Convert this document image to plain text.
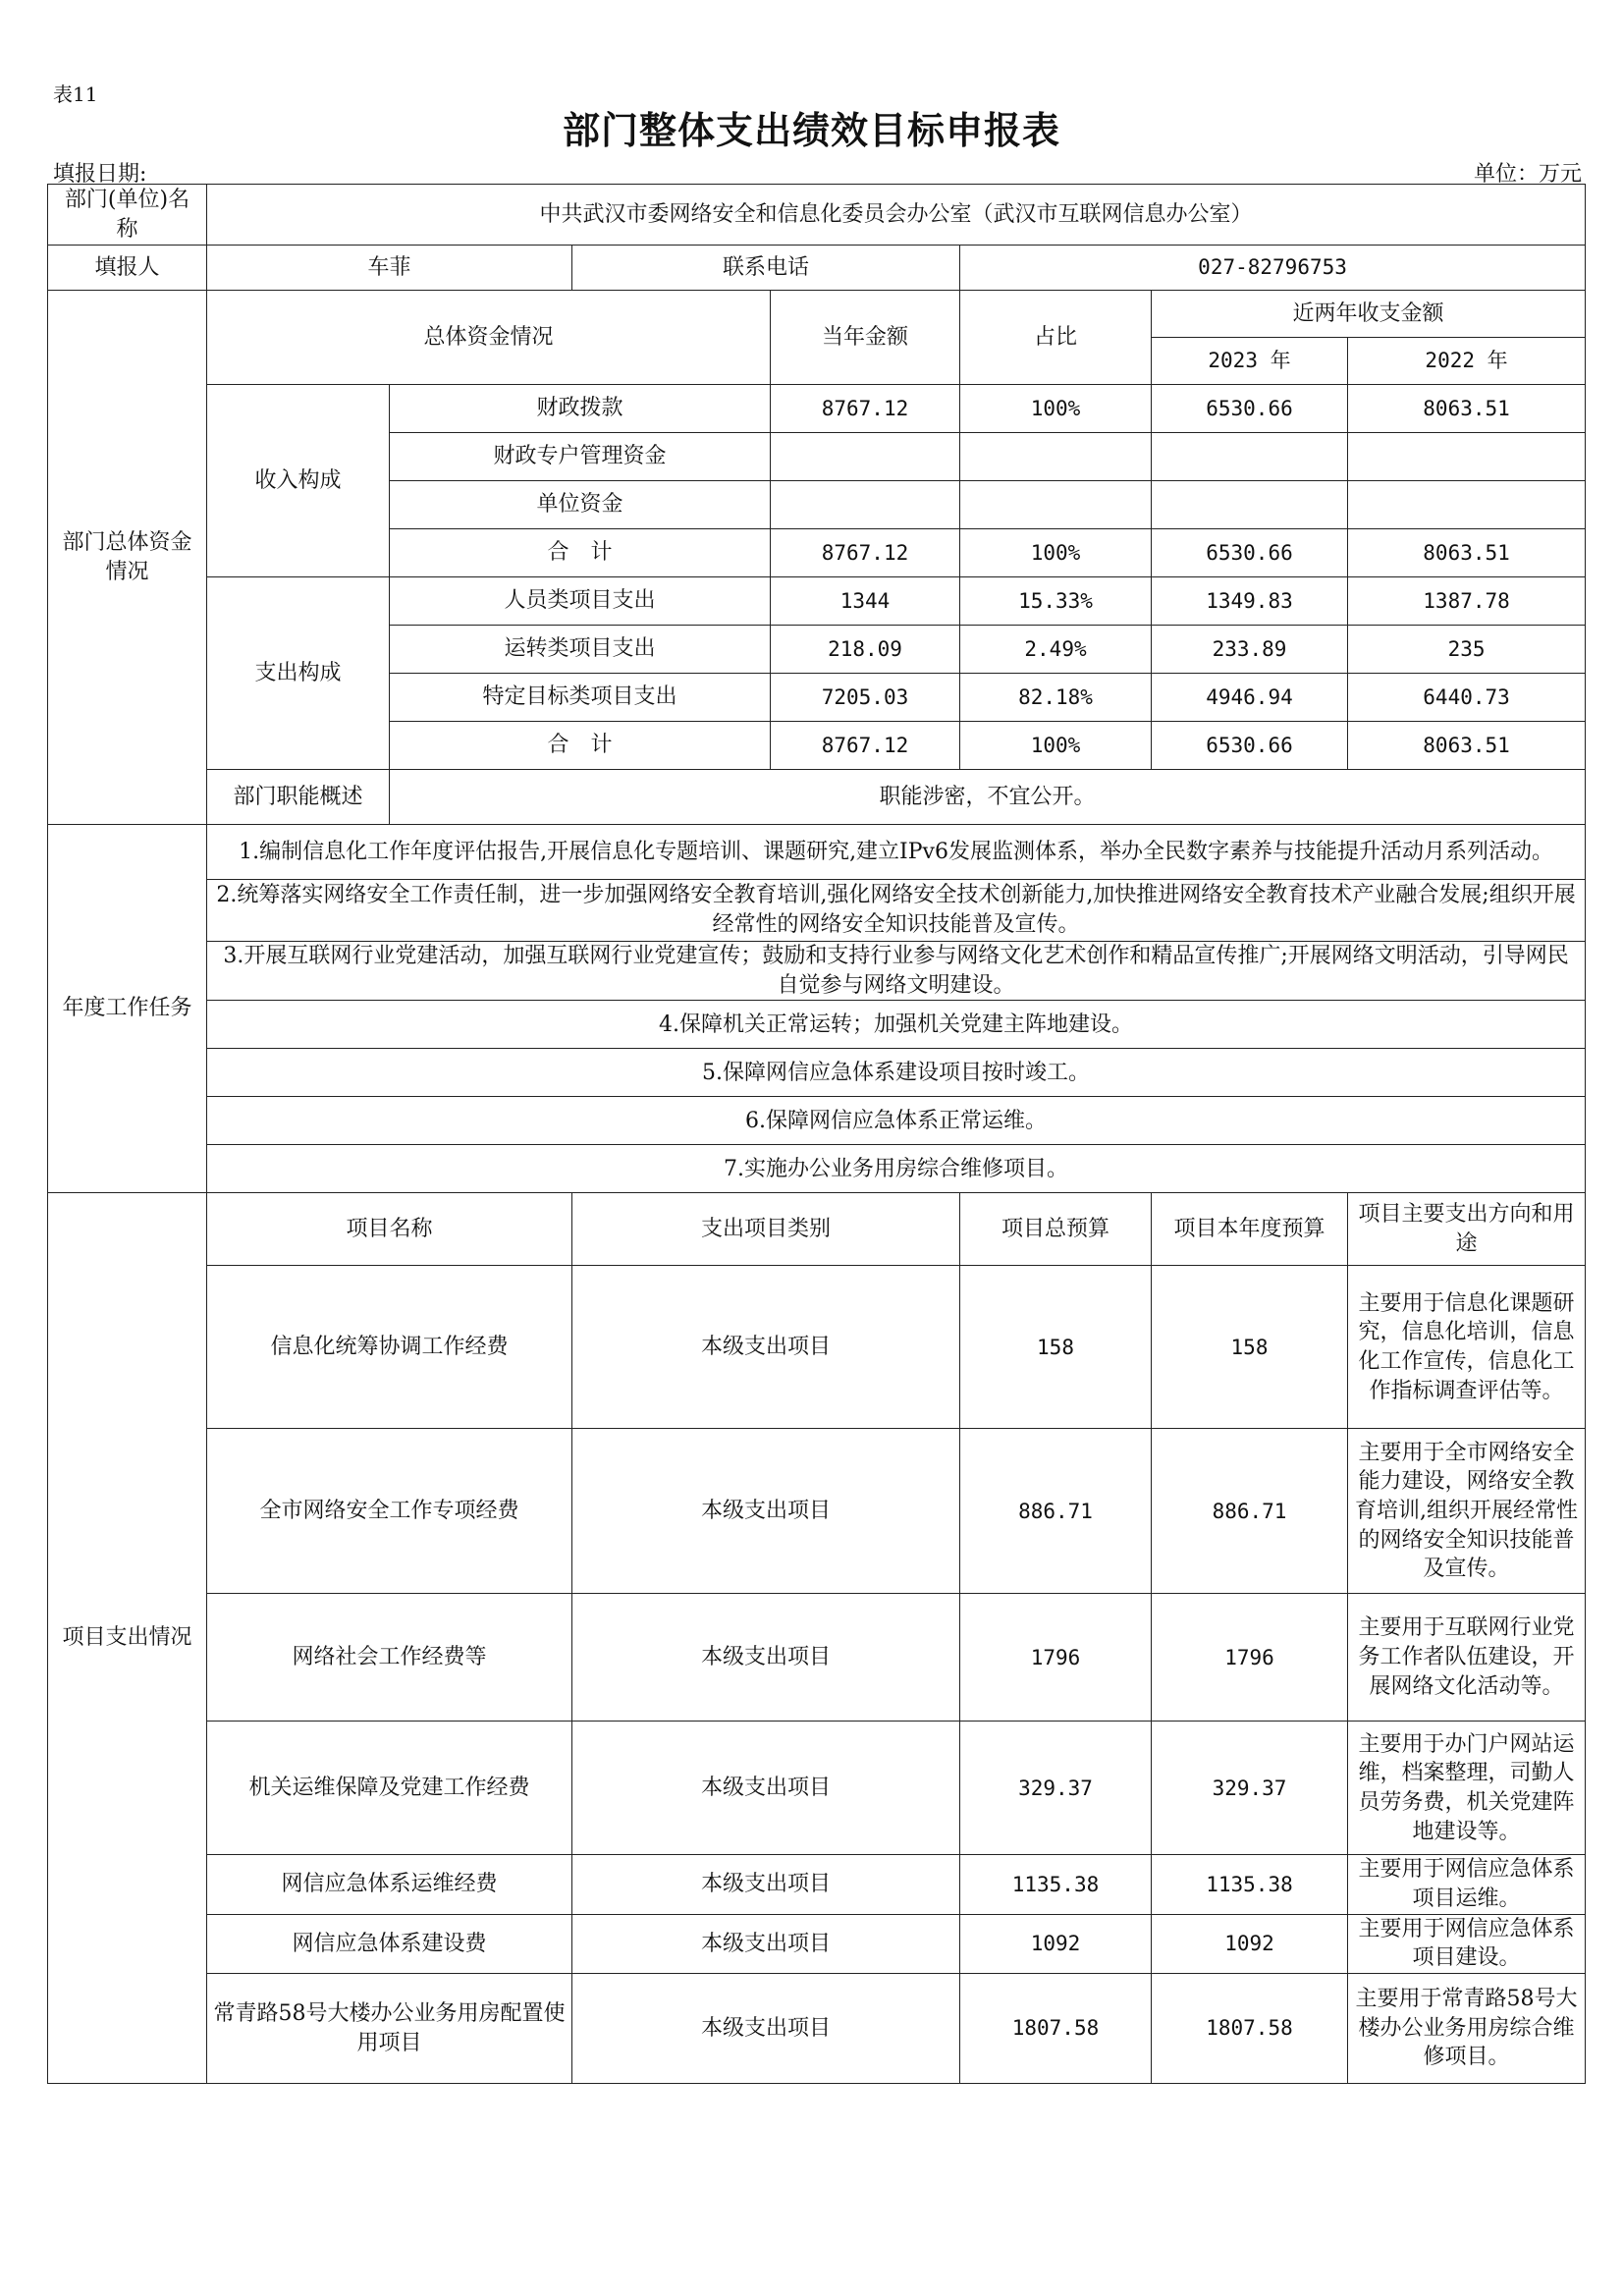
表11
部门整体支出绩效目标申报表
填报日期:	单位：万元
部门(单位)名称	中共武汉市委网络安全和信息化委员会办公室（武汉市互联网信息办公室）						
填报人	车菲		联系电话		027-82796753		
部门总体资金情况	总体资金情况			当年金额	占比	近两年收支金额	
						2023 年	2022 年
	收入构成	财政拨款		8767.12	100%	6530.66	8063.51
		财政专户管理资金					
		单位资金					
		合　计		8767.12	100%	6530.66	8063.51
	支出构成	人员类项目支出		1344	15.33%	1349.83	1387.78
		运转类项目支出		218.09	2.49%	233.89	235
		特定目标类项目支出		7205.03	82.18%	4946.94	6440.73
		合　计		8767.12	100%	6530.66	8063.51
	部门职能概述	职能涉密，不宜公开。					
年度工作任务	1.编制信息化工作年度评估报告,开展信息化专题培训、课题研究,建立IPv6发展监测体系，举办全民数字素养与技能提升活动月系列活动。						
	2.统筹落实网络安全工作责任制，进一步加强网络安全教育培训,强化网络安全技术创新能力,加快推进网络安全教育技术产业融合发展;组织开展经常性的网络安全知识技能普及宣传。						
	3.开展互联网行业党建活动，加强互联网行业党建宣传；鼓励和支持行业参与网络文化艺术创作和精品宣传推广;开展网络文明活动，引导网民自觉参与网络文明建设。						
	4.保障机关正常运转；加强机关党建主阵地建设。						
	5.保障网信应急体系建设项目按时竣工。						
	6.保障网信应急体系正常运维。						
	7.实施办公业务用房综合维修项目。						
项目支出情况	项目名称		支出项目类别		项目总预算	项目本年度预算	项目主要支出方向和用途
	信息化统筹协调工作经费		本级支出项目		158	158	主要用于信息化课题研究，信息化培训，信息化工作宣传，信息化工作指标调查评估等。
	全市网络安全工作专项经费		本级支出项目		886.71	886.71	主要用于全市网络安全能力建设，网络安全教育培训,组织开展经常性的网络安全知识技能普及宣传。
	网络社会工作经费等		本级支出项目		1796	1796	主要用于互联网行业党务工作者队伍建设，开展网络文化活动等。
	机关运维保障及党建工作经费		本级支出项目		329.37	329.37	主要用于办门户网站运维，档案整理，司勤人员劳务费，机关党建阵地建设等。
	网信应急体系运维经费		本级支出项目		1135.38	1135.38	主要用于网信应急体系项目运维。
	网信应急体系建设费		本级支出项目		1092	1092	主要用于网信应急体系项目建设。
	常青路58号大楼办公业务用房配置使用项目		本级支出项目		1807.58	1807.58	主要用于常青路58号大楼办公业务用房综合维修项目。
